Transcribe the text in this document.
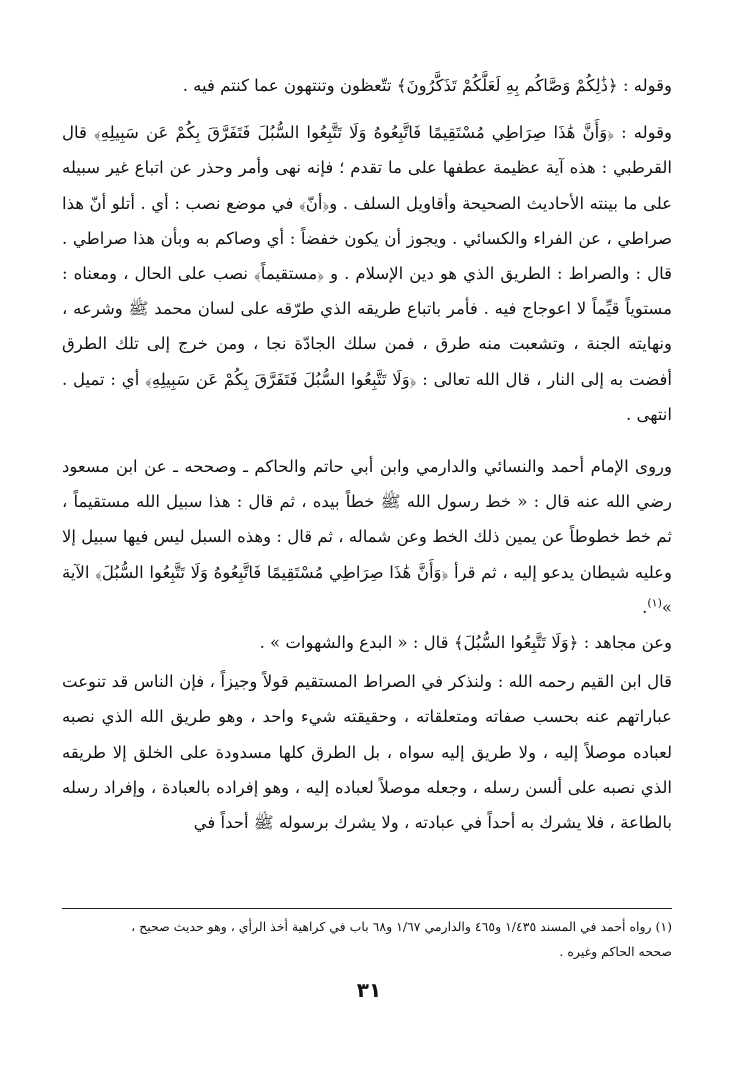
وقوله : ﴿ذَٰلِكُمْ وَصَّاكُم بِهِ لَعَلَّكُمْ تَذَكَّرُونَ﴾ تتّعظون وتنتهون عما كنتم فيه .

وقوله : ﴿وَأَنَّ هَٰذَا صِرَاطِي مُسْتَقِيمًا فَاتَّبِعُوهُ وَلَا تَتَّبِعُوا السُّبُلَ فَتَفَرَّقَ بِكُمْ عَن سَبِيلِهِ﴾ قال القرطبي : هذه آية عظيمة عطفها على ما تقدم ؛ فإنه نهى وأمر وحذر عن اتباع غير سبيله على ما بينته الأحاديث الصحيحة وأقاويل السلف . و﴿أنّ﴾ في موضع نصب : أي . أتلو أنّ هذا صراطي ، عن الفراء والكسائي . ويجوز أن يكون خفضاً : أي وصاكم به وبأن هذا صراطي . قال : والصراط : الطريق الذي هو دين الإسلام . و ﴿مستقيماً﴾ نصب على الحال ، ومعناه : مستوياً قيِّماً لا اعوجاج فيه . فأمر باتباع طريقه الذي طرّقه على لسان محمد ﷺ وشرعه ، ونهايته الجنة ، وتشعبت منه طرق ، فمن سلك الجادّة نجا ، ومن خرج إلى تلك الطرق أفضت به إلى النار ، قال الله تعالى : ﴿وَلَا تَتَّبِعُوا السُّبُلَ فَتَفَرَّقَ بِكُمْ عَن سَبِيلِهِ﴾ أي : تميل . انتهى .

وروى الإمام أحمد والنسائي والدارمي وابن أبي حاتم والحاكم ـ وصححه ـ عن ابن مسعود رضي الله عنه قال : « خط رسول الله ﷺ خطاً بيده ، ثم قال : هذا سبيل الله مستقيماً ، ثم خط خطوطاً عن يمين ذلك الخط وعن شماله ، ثم قال : وهذه السبل ليس فيها سبيل إلا وعليه شيطان يدعو إليه ، ثم قرأ ﴿وَأَنَّ هَٰذَا صِرَاطِي مُسْتَقِيمًا فَاتَّبِعُوهُ وَلَا تَتَّبِعُوا السُّبُلَ﴾ الآية »$^{(١)}$.

وعن مجاهد : ﴿وَلَا تَتَّبِعُوا السُّبُلَ﴾ قال : « البدع والشهوات » .

قال ابن القيم رحمه الله : ولنذكر في الصراط المستقيم قولاً وجيزاً ، فإن الناس قد تنوعت عباراتهم عنه بحسب صفاته ومتعلقاته ، وحقيقته شيء واحد ، وهو طريق الله الذي نصبه لعباده موصلاً إليه ، ولا طريق إليه سواه ، بل الطرق كلها مسدودة على الخلق إلا طريقه الذي نصبه على ألسن رسله ، وجعله موصلاً لعباده إليه ، وهو إفراده بالعبادة ، وإفراد رسله بالطاعة ، فلا يشرك به أحداً في عبادته ، ولا يشرك برسوله ﷺ أحداً في

(١) رواه أحمد في المسند ١/٤٣٥ و٤٦٥ والدارمي ١/٦٧ و٦٨ باب في كراهية أخذ الرأي ، وهو حديث صحيح ،

صححه الحاكم وغيره .

٣١
